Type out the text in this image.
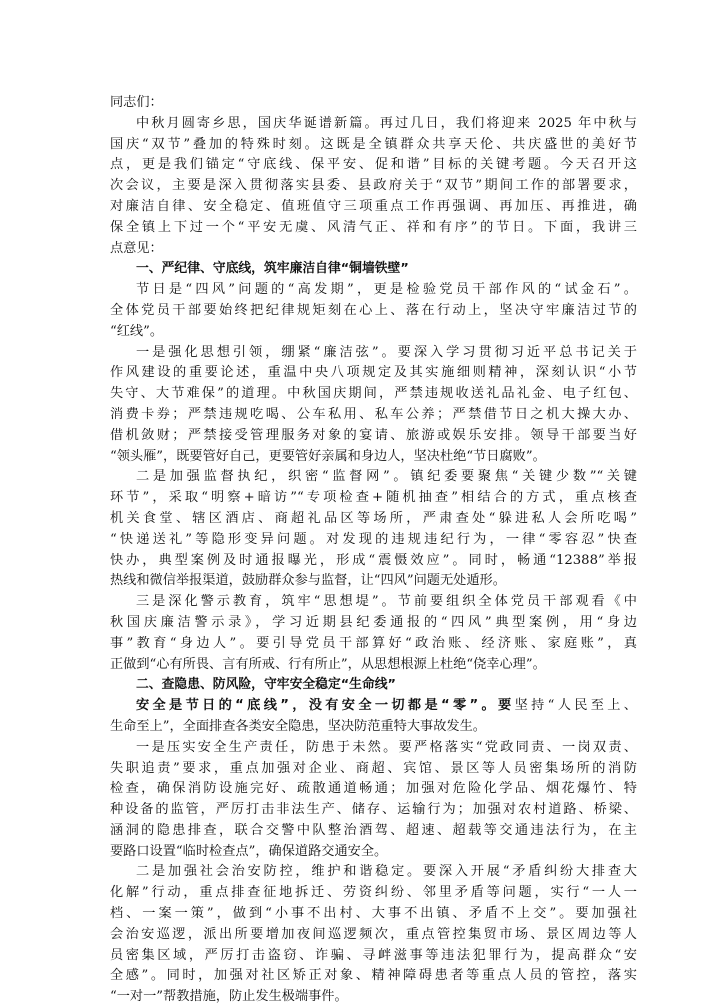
同志们：
中秋月圆寄乡思，国庆华诞谱新篇。再过几日，我们将迎来 2025 年中秋与
国庆“双节”叠加的特殊时刻。这既是全镇群众共享天伦、共庆盛世的美好节
点，更是我们锚定“守底线、保平安、促和谐”目标的关键考题。今天召开这
次会议，主要是深入贯彻落实县委、县政府关于“双节”期间工作的部署要求，
对廉洁自律、安全稳定、值班值守三项重点工作再强调、再加压、再推进，确
保全镇上下过一个“平安无虞、风清气正、祥和有序”的节日。下面，我讲三
点意见：
一、严纪律、守底线，筑牢廉洁自律“铜墙铁壁”
节日是“四风”问题的“高发期”，更是检验党员干部作风的“试金石”。
全体党员干部要始终把纪律规矩刻在心上、落在行动上，坚决守牢廉洁过节的
“红线”。
一是强化思想引领，绷紧“廉洁弦”。要深入学习贯彻习近平总书记关于
作风建设的重要论述，重温中央八项规定及其实施细则精神，深刻认识“小节
失守、大节难保”的道理。中秋国庆期间，严禁违规收送礼品礼金、电子红包、
消费卡券；严禁违规吃喝、公车私用、私车公养；严禁借节日之机大操大办、
借机敛财；严禁接受管理服务对象的宴请、旅游或娱乐安排。领导干部要当好
“领头雁”，既要管好自己，更要管好亲属和身边人，坚决杜绝“节日腐败”。
二是加强监督执纪，织密“监督网”。镇纪委要聚焦“关键少数”“关键
环节”，采取“明察+暗访”“专项检查+随机抽查”相结合的方式，重点核查
机关食堂、辖区酒店、商超礼品区等场所，严肃查处“躲进私人会所吃喝”
“快递送礼”等隐形变异问题。对发现的违规违纪行为，一律“零容忍”快查
快办，典型案例及时通报曝光，形成“震慑效应”。同时，畅通“12388”举报
热线和微信举报渠道，鼓励群众参与监督，让“四风”问题无处遁形。
三是深化警示教育，筑牢“思想堤”。节前要组织全体党员干部观看《中
秋国庆廉洁警示录》，学习近期县纪委通报的“四风”典型案例，用“身边
事”教育“身边人”。要引导党员干部算好“政治账、经济账、家庭账”，真
正做到“心有所畏、言有所戒、行有所止”，从思想根源上杜绝“侥幸心理”。
二、查隐患、防风险，守牢安全稳定“生命线”
安全是节日的“底线”，没有安全一切都是“零”。要坚持“人民至上、
生命至上”，全面排查各类安全隐患，坚决防范重特大事故发生。
一是压实安全生产责任，防患于未然。要严格落实“党政同责、一岗双责、
失职追责”要求，重点加强对企业、商超、宾馆、景区等人员密集场所的消防
检查，确保消防设施完好、疏散通道畅通；加强对危险化学品、烟花爆竹、特
种设备的监管，严厉打击非法生产、储存、运输行为；加强对农村道路、桥梁、
涵洞的隐患排查，联合交警中队整治酒驾、超速、超载等交通违法行为，在主
要路口设置“临时检查点”，确保道路交通安全。
二是加强社会治安防控，维护和谐稳定。要深入开展“矛盾纠纷大排查大
化解”行动，重点排查征地拆迁、劳资纠纷、邻里矛盾等问题，实行“一人一
档、一案一策”，做到“小事不出村、大事不出镇、矛盾不上交”。要加强社
会治安巡逻，派出所要增加夜间巡逻频次，重点管控集贸市场、景区周边等人
员密集区域，严厉打击盗窃、诈骗、寻衅滋事等违法犯罪行为，提高群众“安
全感”。同时，加强对社区矫正对象、精神障碍患者等重点人员的管控，落实
“一对一”帮教措施，防止发生极端事件。
